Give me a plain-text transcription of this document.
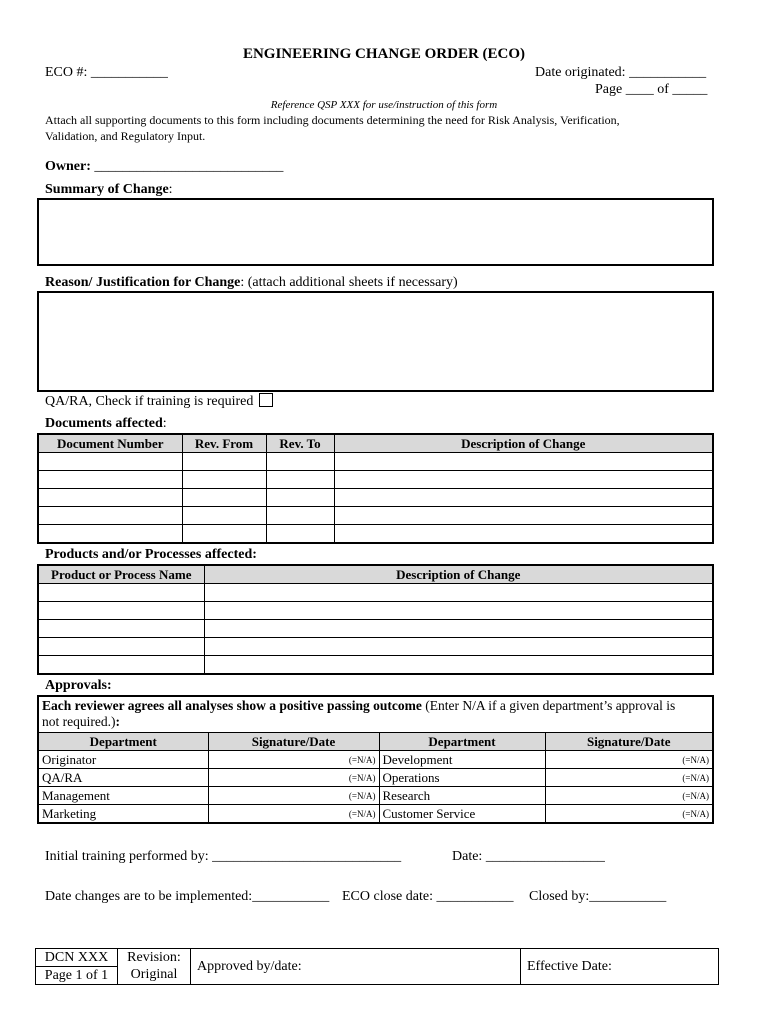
ENGINEERING CHANGE ORDER (ECO)
ECO #: ___________	Date originated: ___________
Page ____ of _____
Reference QSP XXX for use/instruction of this form
Attach all supporting documents to this form including documents determining the need for Risk Analysis, Verification,
Validation, and Regulatory Input.
Owner: ___________________________
Summary of Change:
Reason/ Justification for Change: (attach additional sheets if necessary)
QA/RA, Check if training is required
Documents affected:
Document Number	Rev. From	Rev. To	Description of Change

Products and/or Processes affected:
Product or Process Name	Description of Change

Approvals:
Each reviewer agrees all analyses show a positive passing outcome (Enter N/A if a given department’s approval is
not required.):			
Department	Signature/Date	Department	Signature/Date
Originator	(=N/A)	Development	(=N/A)
QA/RA	(=N/A)	Operations	(=N/A)
Management	(=N/A)	Research	(=N/A)
Marketing	(=N/A)	Customer Service	(=N/A)
Initial training performed by: ___________________________	Date: _________________
Date changes are to be implemented:___________ ECO close date: ___________ Closed by:___________
DCN XXX	Revision:	Approved by/date:	Effective Date:
Page 1 of 1	Original		
